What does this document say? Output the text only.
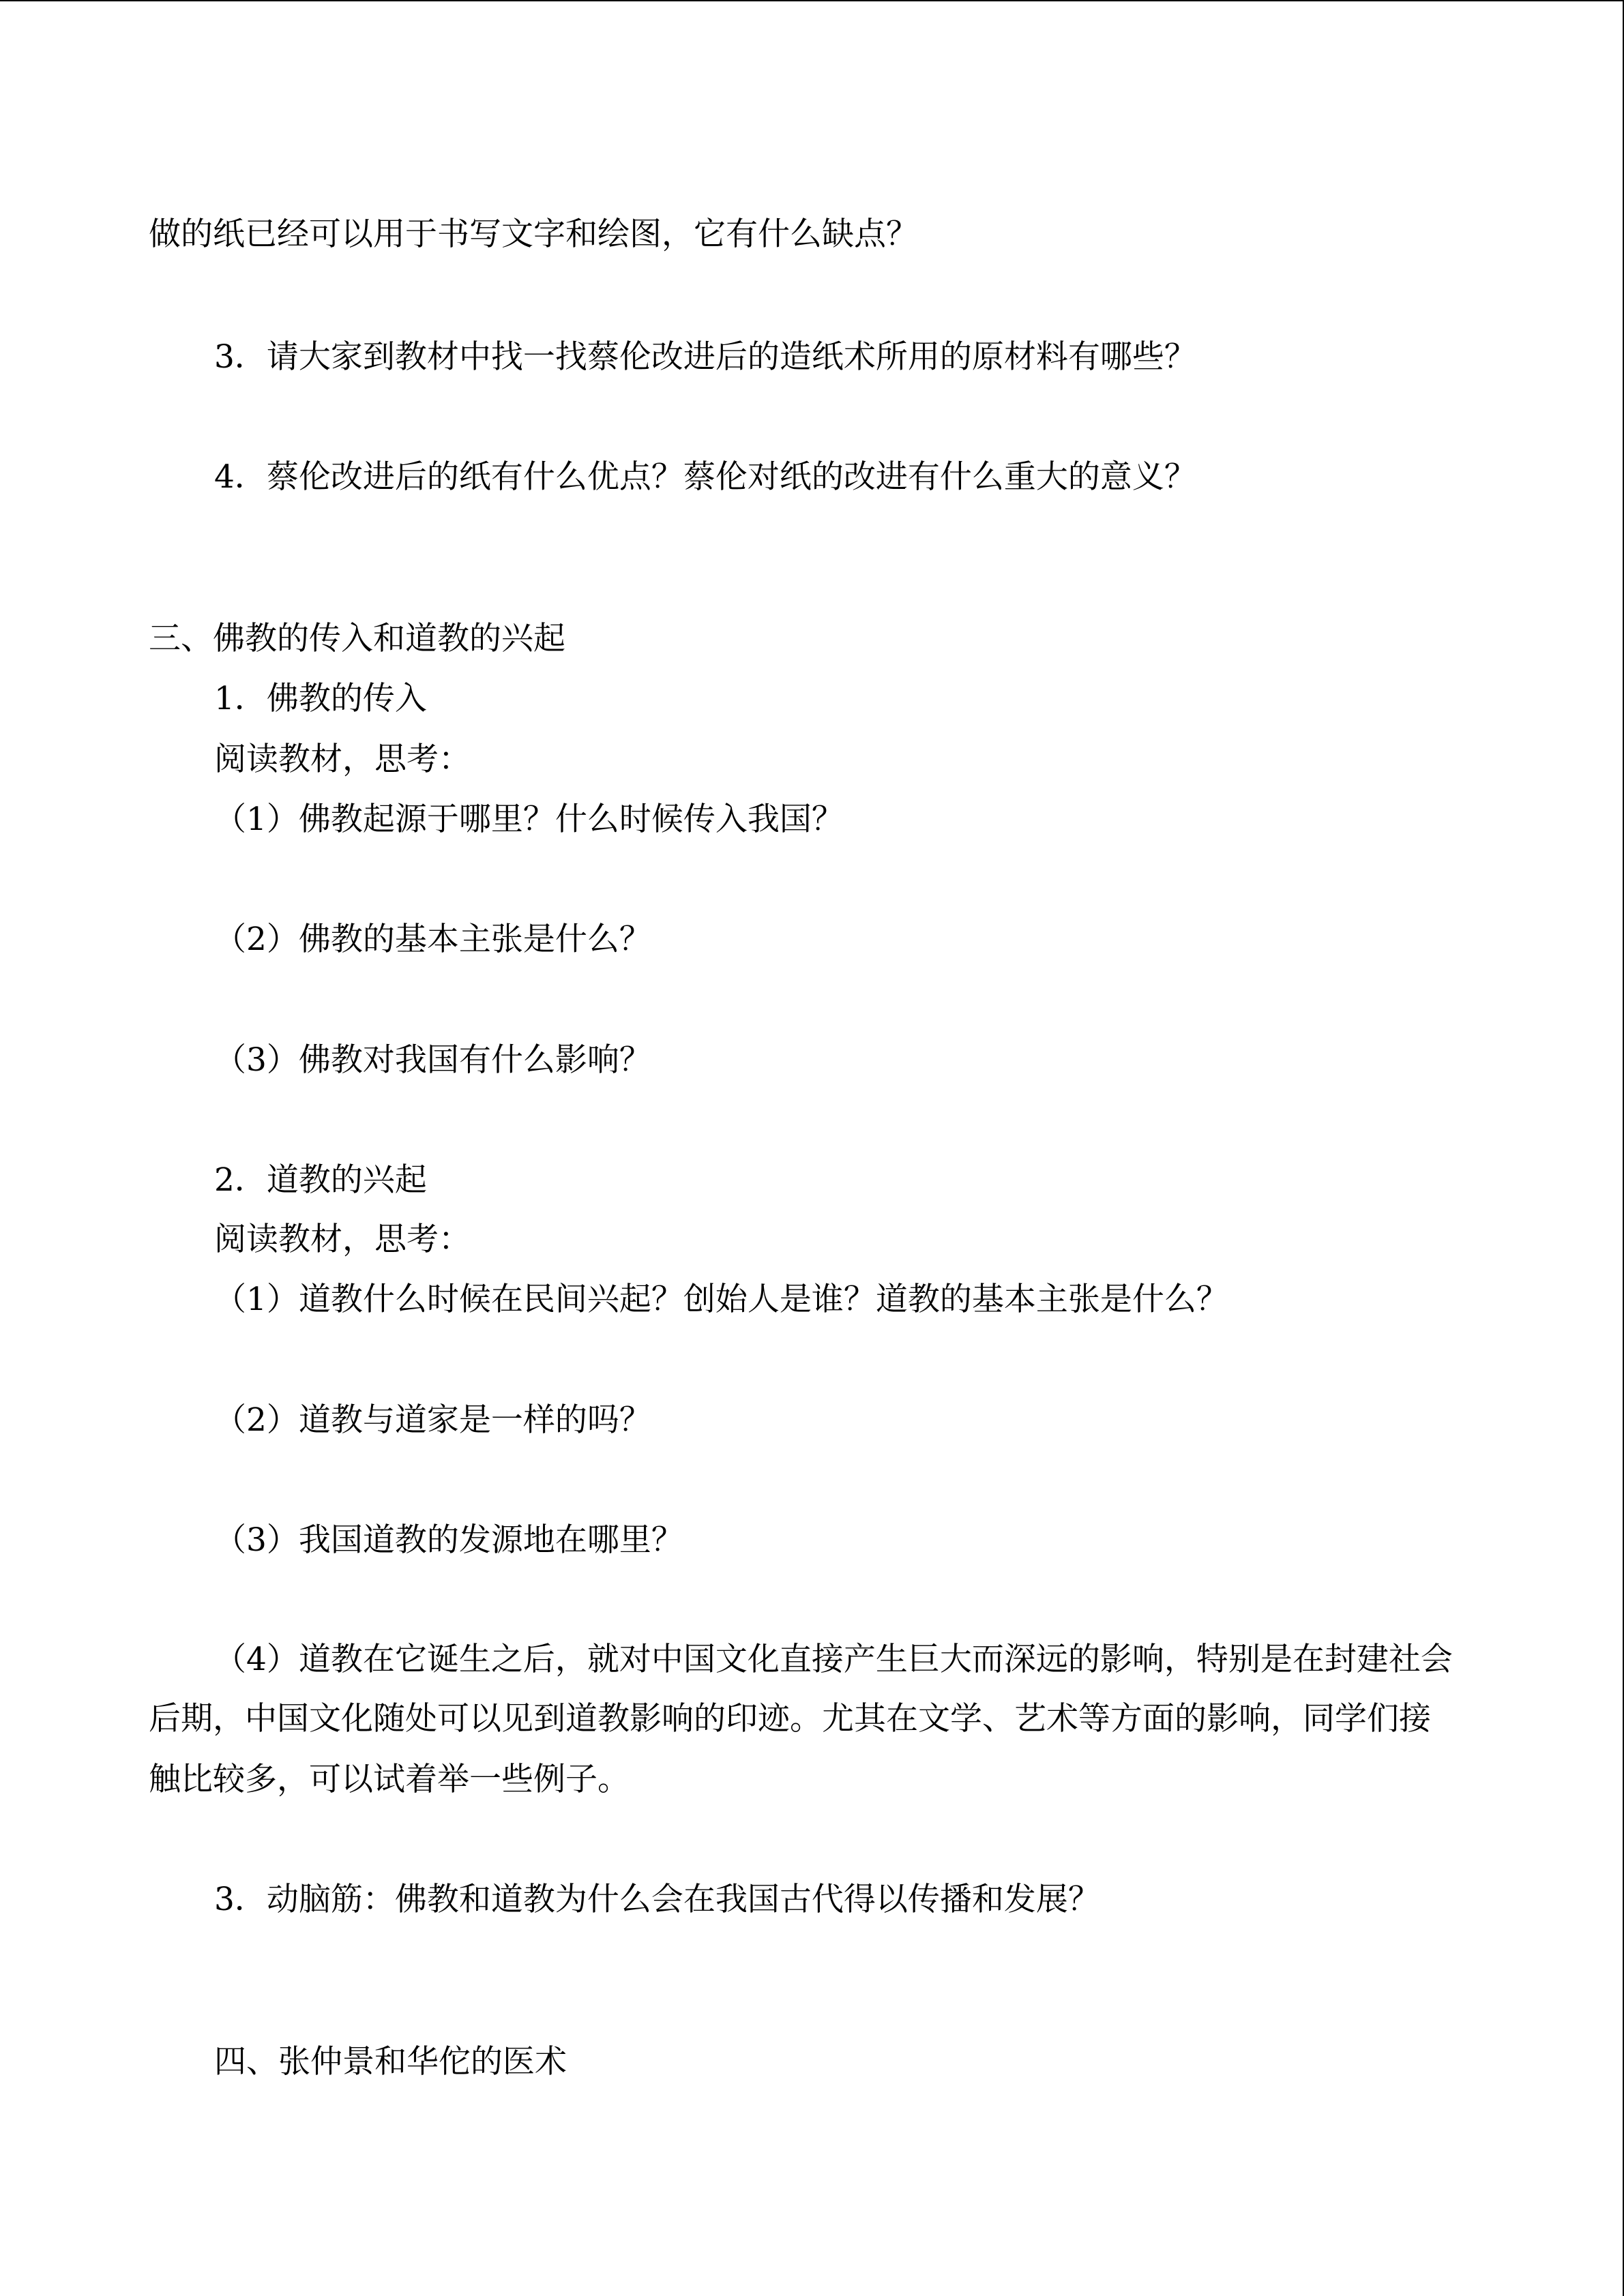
做的纸已经可以用于书写文字和绘图，它有什么缺点？
3．请大家到教材中找一找蔡伦改进后的造纸术所用的原材料有哪些？
4．蔡伦改进后的纸有什么优点？蔡伦对纸的改进有什么重大的意义？
三、佛教的传入和道教的兴起
1．佛教的传入
阅读教材，思考：
（1）佛教起源于哪里？什么时候传入我国？
（2）佛教的基本主张是什么？
（3）佛教对我国有什么影响？
2．道教的兴起
阅读教材，思考：
（1）道教什么时候在民间兴起？创始人是谁？道教的基本主张是什么？
（2）道教与道家是一样的吗？
（3）我国道教的发源地在哪里？
（4）道教在它诞生之后，就对中国文化直接产生巨大而深远的影响，特别是在封建社会
后期，中国文化随处可以见到道教影响的印迹。尤其在文学、艺术等方面的影响，同学们接
触比较多，可以试着举一些例子。
3．动脑筋：佛教和道教为什么会在我国古代得以传播和发展？
四、张仲景和华佗的医术
